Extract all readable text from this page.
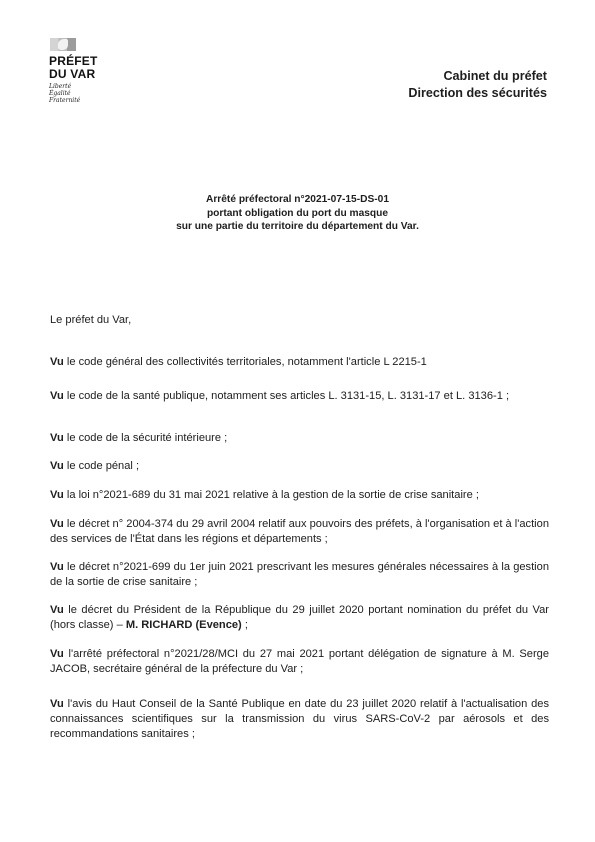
PRÉFET
DU VAR
Liberté
Égalité
Fraternité
Cabinet du préfet
Direction des sécurités
Arrêté préfectoral n°2021-07-15-DS-01
portant obligation du port du masque
sur une partie du territoire du département du Var.

Le préfet du Var,

Vu le code général des collectivités territoriales, notamment l'article L 2215-1

Vu le code de la santé publique, notamment ses articles L. 3131-15, L. 3131-17 et L. 3136-1 ;

Vu le code de la sécurité intérieure ;

Vu le code pénal ;

Vu la loi n°2021-689 du 31 mai 2021 relative à la gestion de la sortie de crise sanitaire ;

Vu le décret n° 2004-374 du 29 avril 2004 relatif aux pouvoirs des préfets, à l'organisation et à l'action des services de l'État dans les régions et départements ;

Vu le décret n°2021-699 du 1er juin 2021 prescrivant les mesures générales nécessaires à la gestion de la sortie de crise sanitaire ;

Vu le décret du Président de la République du 29 juillet 2020 portant nomination du préfet du Var (hors classe) – M. RICHARD (Evence) ;

Vu l'arrêté préfectoral n°2021/28/MCI du 27 mai 2021 portant délégation de signature à M. Serge JACOB, secrétaire général de la préfecture du Var ;

Vu l'avis du Haut Conseil de la Santé Publique en date du 23 juillet 2020 relatif à l'actualisation des connaissances scientifiques sur la transmission du virus SARS-CoV-2 par aérosols et des recommandations sanitaires ;
